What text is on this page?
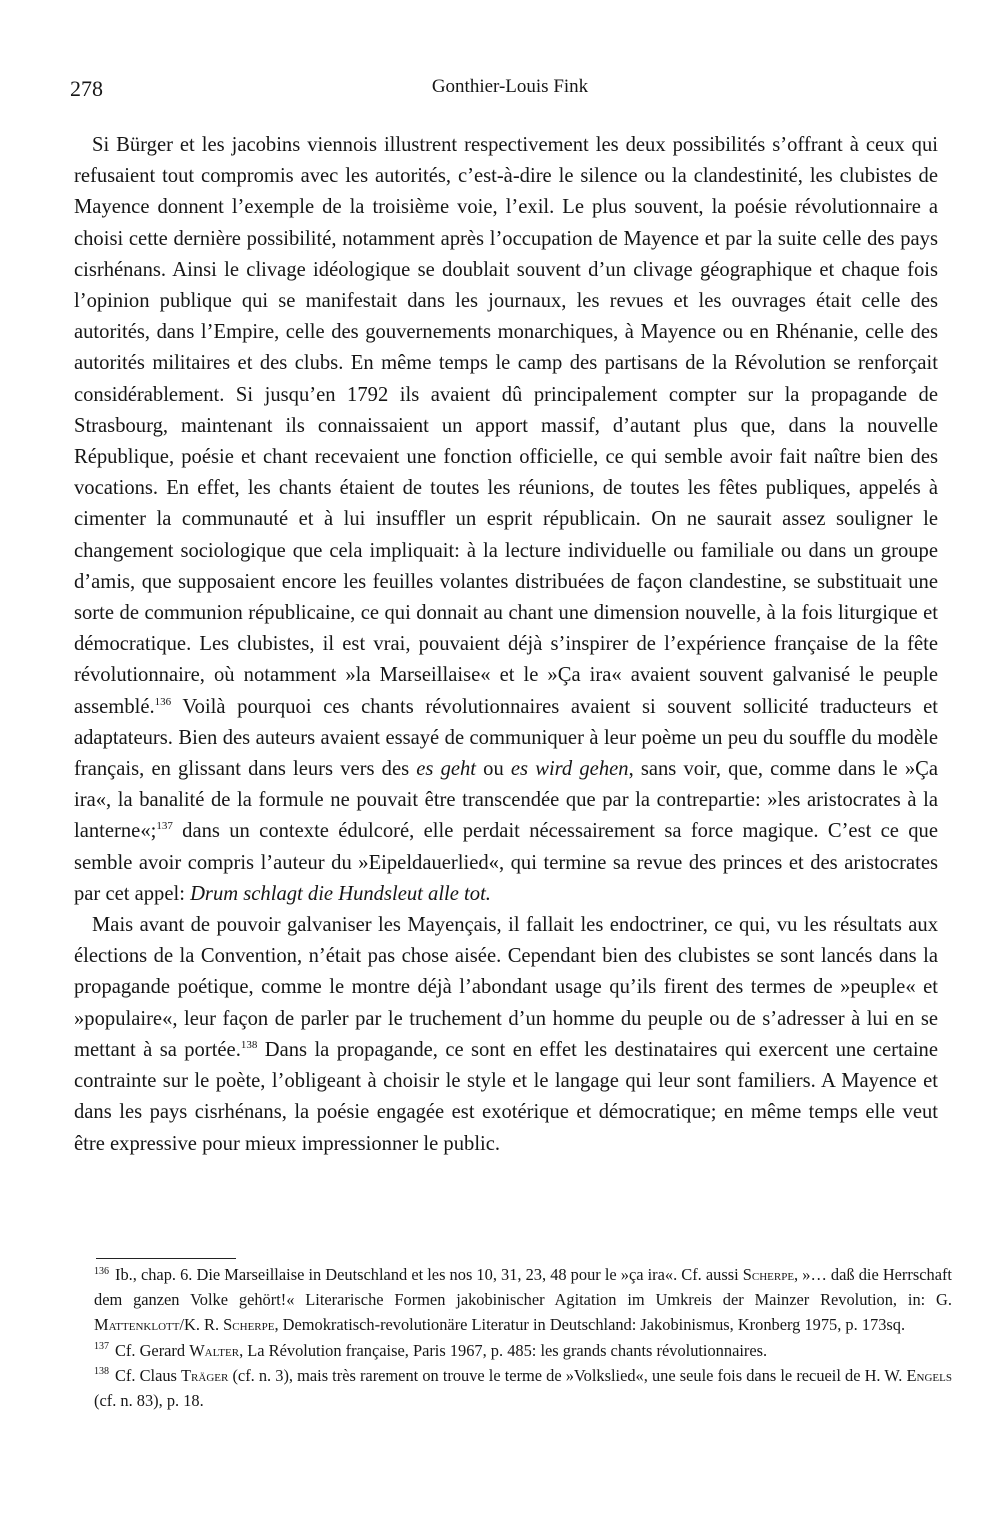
278	Gonthier-Louis Fink

Si Bürger et les jacobins viennois illustrent respectivement les deux possibilités s’offrant à ceux qui refusaient tout compromis avec les autorités, c’est-à-dire le silence ou la clandestinité, les clubistes de Mayence donnent l’exemple de la troisième voie, l’exil. Le plus souvent, la poésie révolutionnaire a choisi cette dernière possibilité, notamment après l’occupation de Mayence et par la suite celle des pays cisrhénans. Ainsi le clivage idéologique se doublait souvent d’un clivage géographique et chaque fois l’opinion publique qui se manifestait dans les journaux, les revues et les ouvrages était celle des autorités, dans l’Empire, celle des gouvernements monarchiques, à Mayence ou en Rhénanie, celle des autorités militaires et des clubs. En même temps le camp des partisans de la Révolution se renforçait considérablement. Si jusqu’en 1792 ils avaient dû principalement compter sur la propagande de Strasbourg, maintenant ils connaissaient un apport massif, d’autant plus que, dans la nouvelle République, poésie et chant recevaient une fonction officielle, ce qui semble avoir fait naître bien des vocations. En effet, les chants étaient de toutes les réunions, de toutes les fêtes publiques, appelés à cimenter la communauté et à lui insuffler un esprit républicain. On ne saurait assez souligner le changement sociologique que cela impliquait: à la lecture individuelle ou familiale ou dans un groupe d’amis, que supposaient encore les feuilles volantes distribuées de façon clandestine, se substituait une sorte de communion républicaine, ce qui donnait au chant une dimension nouvelle, à la fois liturgique et démocratique. Les clubistes, il est vrai, pouvaient déjà s’inspirer de l’expérience française de la fête révolutionnaire, où notamment »la Marseillaise« et le »Ça ira« avaient souvent galvanisé le peuple assemblé.$^{136}$ Voilà pourquoi ces chants révolutionnaires avaient si souvent sollicité traducteurs et adaptateurs. Bien des auteurs avaient essayé de communiquer à leur poème un peu du souffle du modèle français, en glissant dans leurs vers des es geht ou es wird gehen, sans voir, que, comme dans le »Ça ira«, la banalité de la formule ne pouvait être transcendée que par la contrepartie: »les aristocrates à la lanterne«;$^{137}$ dans un contexte édulcoré, elle perdait nécessairement sa force magique. C’est ce que semble avoir compris l’auteur du »Eipeldauerlied«, qui termine sa revue des princes et des aristocrates par cet appel: Drum schlagt die Hundsleut alle tot.

Mais avant de pouvoir galvaniser les Mayençais, il fallait les endoctriner, ce qui, vu les résultats aux élections de la Convention, n’était pas chose aisée. Cependant bien des clubistes se sont lancés dans la propagande poétique, comme le montre déjà l’abondant usage qu’ils firent des termes de »peuple« et »populaire«, leur façon de parler par le truchement d’un homme du peuple ou de s’adresser à lui en se mettant à sa portée.$^{138}$ Dans la propagande, ce sont en effet les destinataires qui exercent une certaine contrainte sur le poète, l’obligeant à choisir le style et le langage qui leur sont familiers. A Mayence et dans les pays cisrhénans, la poésie engagée est exotérique et démocratique; en même temps elle veut être expressive pour mieux impressionner le public.

$^{136}$ Ib., chap. 6. Die Marseillaise in Deutschland et les nos 10, 31, 23, 48 pour le »ça ira«. Cf. aussi Scherpe, »… daß die Herrschaft dem ganzen Volke gehört!« Literarische Formen jakobinischer Agitation im Umkreis der Mainzer Revolution, in: G. Mattenklott/K. R. Scherpe, Demokratisch-revolutionäre Literatur in Deutschland: Jakobinismus, Kronberg 1975, p. 173sq.

$^{137}$ Cf. Gerard Walter, La Révolution française, Paris 1967, p. 485: les grands chants révolutionnaires.

$^{138}$ Cf. Claus Träger (cf. n. 3), mais très rarement on trouve le terme de »Volkslied«, une seule fois dans le recueil de H. W. Engels (cf. n. 83), p. 18.
